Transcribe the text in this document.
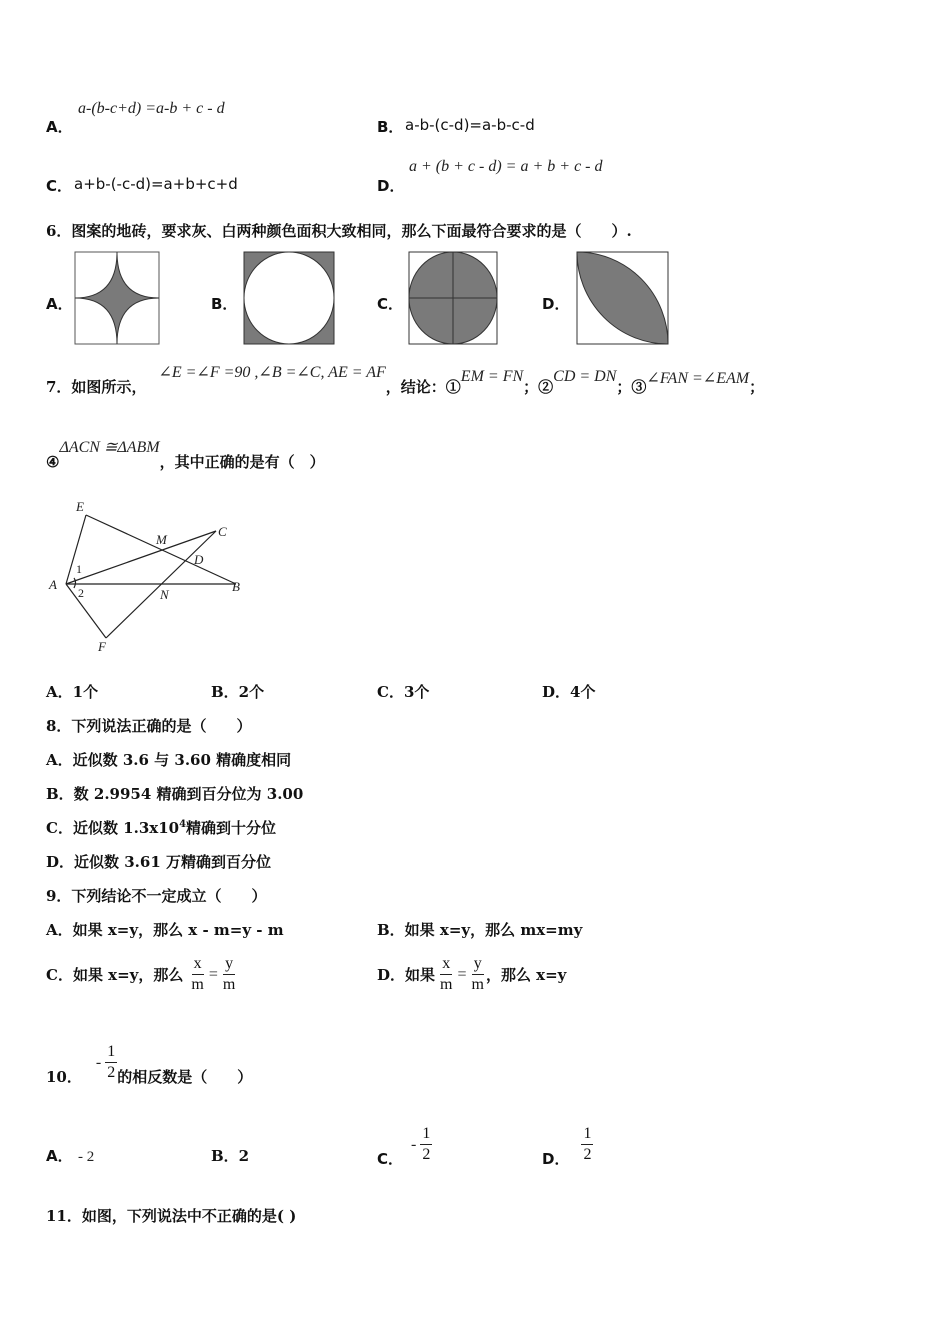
A．
a-(b-c+d) =a-b + c - d
B． a-b-(c-d)=a-b-c-d
C． a+b-(-c-d)=a+b+c+d	D．
a + (b + c - d) = a + b + c - d
6．图案的地砖，要求灰、白两种颜色面积大致相同，那么下面最符合要求的是（　　）.
A．	B．	C．	D．
7．如图所示，
∠E =∠F =90 ,∠B =∠C, AE = AF
，结论：①
EM = FN
；②
CD = DN
；③ ∠FAN =∠EAM ；
④
ΔACN ≅ΔABM
，其中正确的是有（　）
E
M
C
D
A	B
N
F
1
2
A．1个	B．2个	C．3个	D．4个
8．下列说法正确的是（　　）
A．近似数 3.6 与 3.60 精确度相同
B．数 2.9954 精确到百分位为 3.00
C．近似数 $1.3x10^4$精确到十分位
D．近似数 3.61 万精确到百分位
9．下列结论不一定成立（　　）
A．如果 x=y，那么 x - m=y - m	B．如果 x=y，那么 mx=my
C．如果 x=y，那么 $\frac{x}{m} = \frac{y}{m}$	D．如果 $\frac{x}{m} = \frac{y}{m}$ ，那么 x=y
10．
- $\frac{1}{2}$ 的相反数是（　　）
A． - 2	B．2	C．
- $\frac{1}{2}$	D． $\frac{1}{2}$
11．如图，下列说法中不正确的是( )
